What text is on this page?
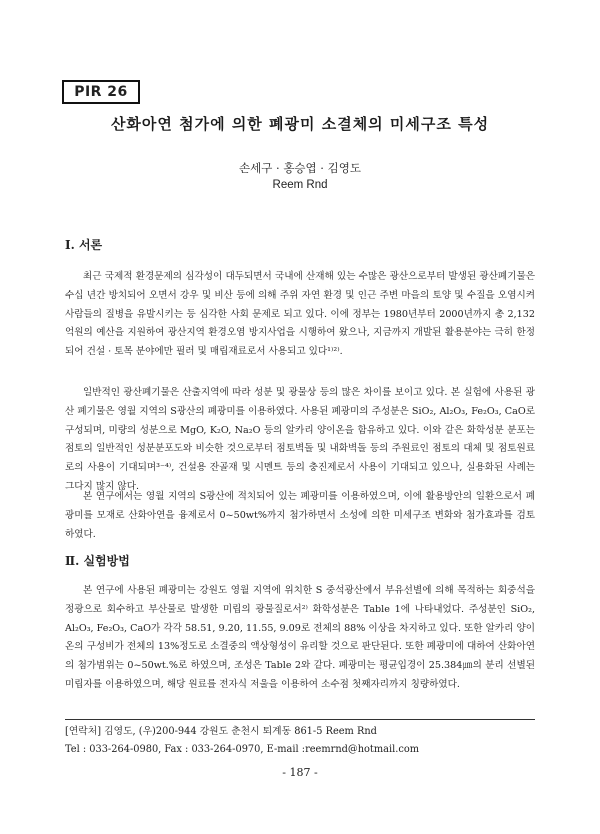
PIR 26
산화아연 첨가에 의한 폐광미 소결체의 미세구조 특성
손세구 · 홍승엽 · 김영도
Reem Rnd
Ⅰ. 서론

최근 국제적 환경문제의 심각성이 대두되면서 국내에 산재해 있는 수많은 광산으로부터 발생된 광산폐기물은 수십 년간 방치되어 오면서 강우 및 비산 등에 의해 주위 자연 환경 및 인근 주변 마을의 토양 및 수질을 오염시켜 사람들의 질병을 유발시키는 등 심각한 사회 문제로 되고 있다. 이에 정부는 1980년부터 2000년까지 총 2,132억원의 예산을 지원하여 광산지역 환경오염 방지사업을 시행하여 왔으나, 지금까지 개발된 활용분야는 극히 한정되어 건설 · 토목 분야에만 필러 및 매립재료로서 사용되고 있다¹⁾²⁾.

일반적인 광산폐기물은 산출지역에 따라 성분 및 광물상 등의 많은 차이를 보이고 있다. 본 실험에 사용된 광산 폐기물은 영월 지역의 S광산의 폐광미를 이용하였다. 사용된 폐광미의 주성분은 SiO₂, Al₂O₃, Fe₂O₃, CaO로 구성되며, 미량의 성분으로 MgO, K₂O, Na₂O 등의 알카리 양이온을 함유하고 있다. 이와 같은 화학성분 분포는 점토의 일반적인 성분분포도와 비슷한 것으로부터 점토벽돌 및 내화벽돌 등의 주원료인 점토의 대체 및 점토원료로의 사용이 기대되며³⁻⁴⁾, 건설용 잔골재 및 시멘트 등의 충진제로서 사용이 기대되고 있으나, 실용화된 사례는 그다지 많지 않다.

본 연구에서는 영월 지역의 S광산에 적치되어 있는 폐광미를 이용하였으며, 이에 활용방안의 일환으로서 폐광미를 모재로 산화아연을 융제로서 0~50wt%까지 첨가하면서 소성에 의한 미세구조 변화와 첨가효과를 검토하였다.

Ⅱ. 실험방법

본 연구에 사용된 폐광미는 강원도 영월 지역에 위치한 S 중석광산에서 부유선별에 의해 목적하는 회중석을 정광으로 회수하고 부산물로 발생한 미립의 광물질로서²⁾ 화학성분은 Table 1에 나타내었다. 주성분인 SiO₂, Al₂O₃, Fe₂O₃, CaO가 각각 58.51, 9.20, 11.55, 9.09로 전체의 88% 이상을 차지하고 있다. 또한 알카리 양이온의 구성비가 전체의 13%정도로 소결중의 액상형성이 유리할 것으로 판단된다. 또한 폐광미에 대하여 산화아연의 첨가범위는 0~50wt.%로 하였으며, 조성은 Table 2와 같다. 폐광미는 평균입경이 25.384㎛의 분리 선별된 미립자를 이용하였으며, 해당 원료를 전자식 저울을 이용하여 소수점 첫째자리까지 칭량하였다.

[연락처] 김영도, (우)200-944 강원도 춘천시 퇴계동 861-5 Reem Rnd
Tel : 033-264-0980, Fax : 033-264-0970, E-mail :reemrnd@hotmail.com
- 187 -
